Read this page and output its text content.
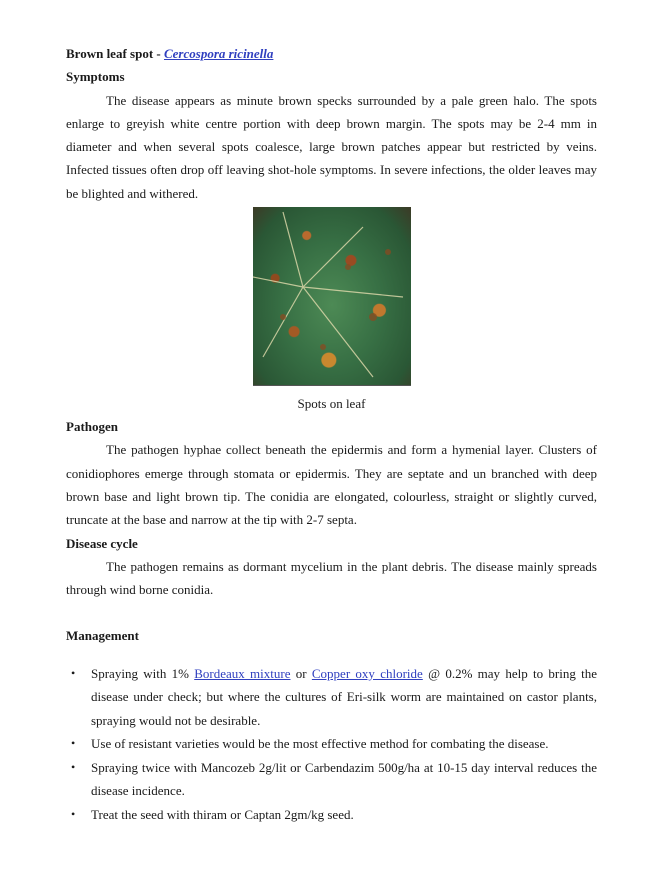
Brown leaf spot - Cercospora ricinella
Symptoms
The disease appears as minute brown specks surrounded by a pale green halo. The spots enlarge to greyish white centre portion with deep brown margin. The spots may be 2-4 mm in diameter and when several spots coalesce, large brown patches appear but restricted by veins. Infected tissues often drop off leaving shot-hole symptoms. In severe infections, the older leaves may be blighted and withered.
Spots on leaf
Pathogen
The pathogen hyphae collect beneath the epidermis and form a hymenial layer. Clusters of conidiophores emerge through stomata or epidermis. They are septate and un branched with deep brown base and light brown tip. The conidia are elongated, colourless, straight or slightly curved, truncate at the base and narrow at the tip with 2-7 septa.
Disease cycle
The pathogen remains as dormant mycelium in the plant debris. The disease mainly spreads through wind borne conidia.
Management
• Spraying with 1% Bordeaux mixture or Copper oxy chloride @ 0.2% may help to bring the disease under check; but where the cultures of Eri-silk worm are maintained on castor plants, spraying would not be desirable.
• Use of resistant varieties would be the most effective method for combating the disease.
• Spraying twice with Mancozeb 2g/lit or Carbendazim 500g/ha at 10-15 day interval reduces the disease incidence.
• Treat the seed with thiram or Captan 2gm/kg seed.
